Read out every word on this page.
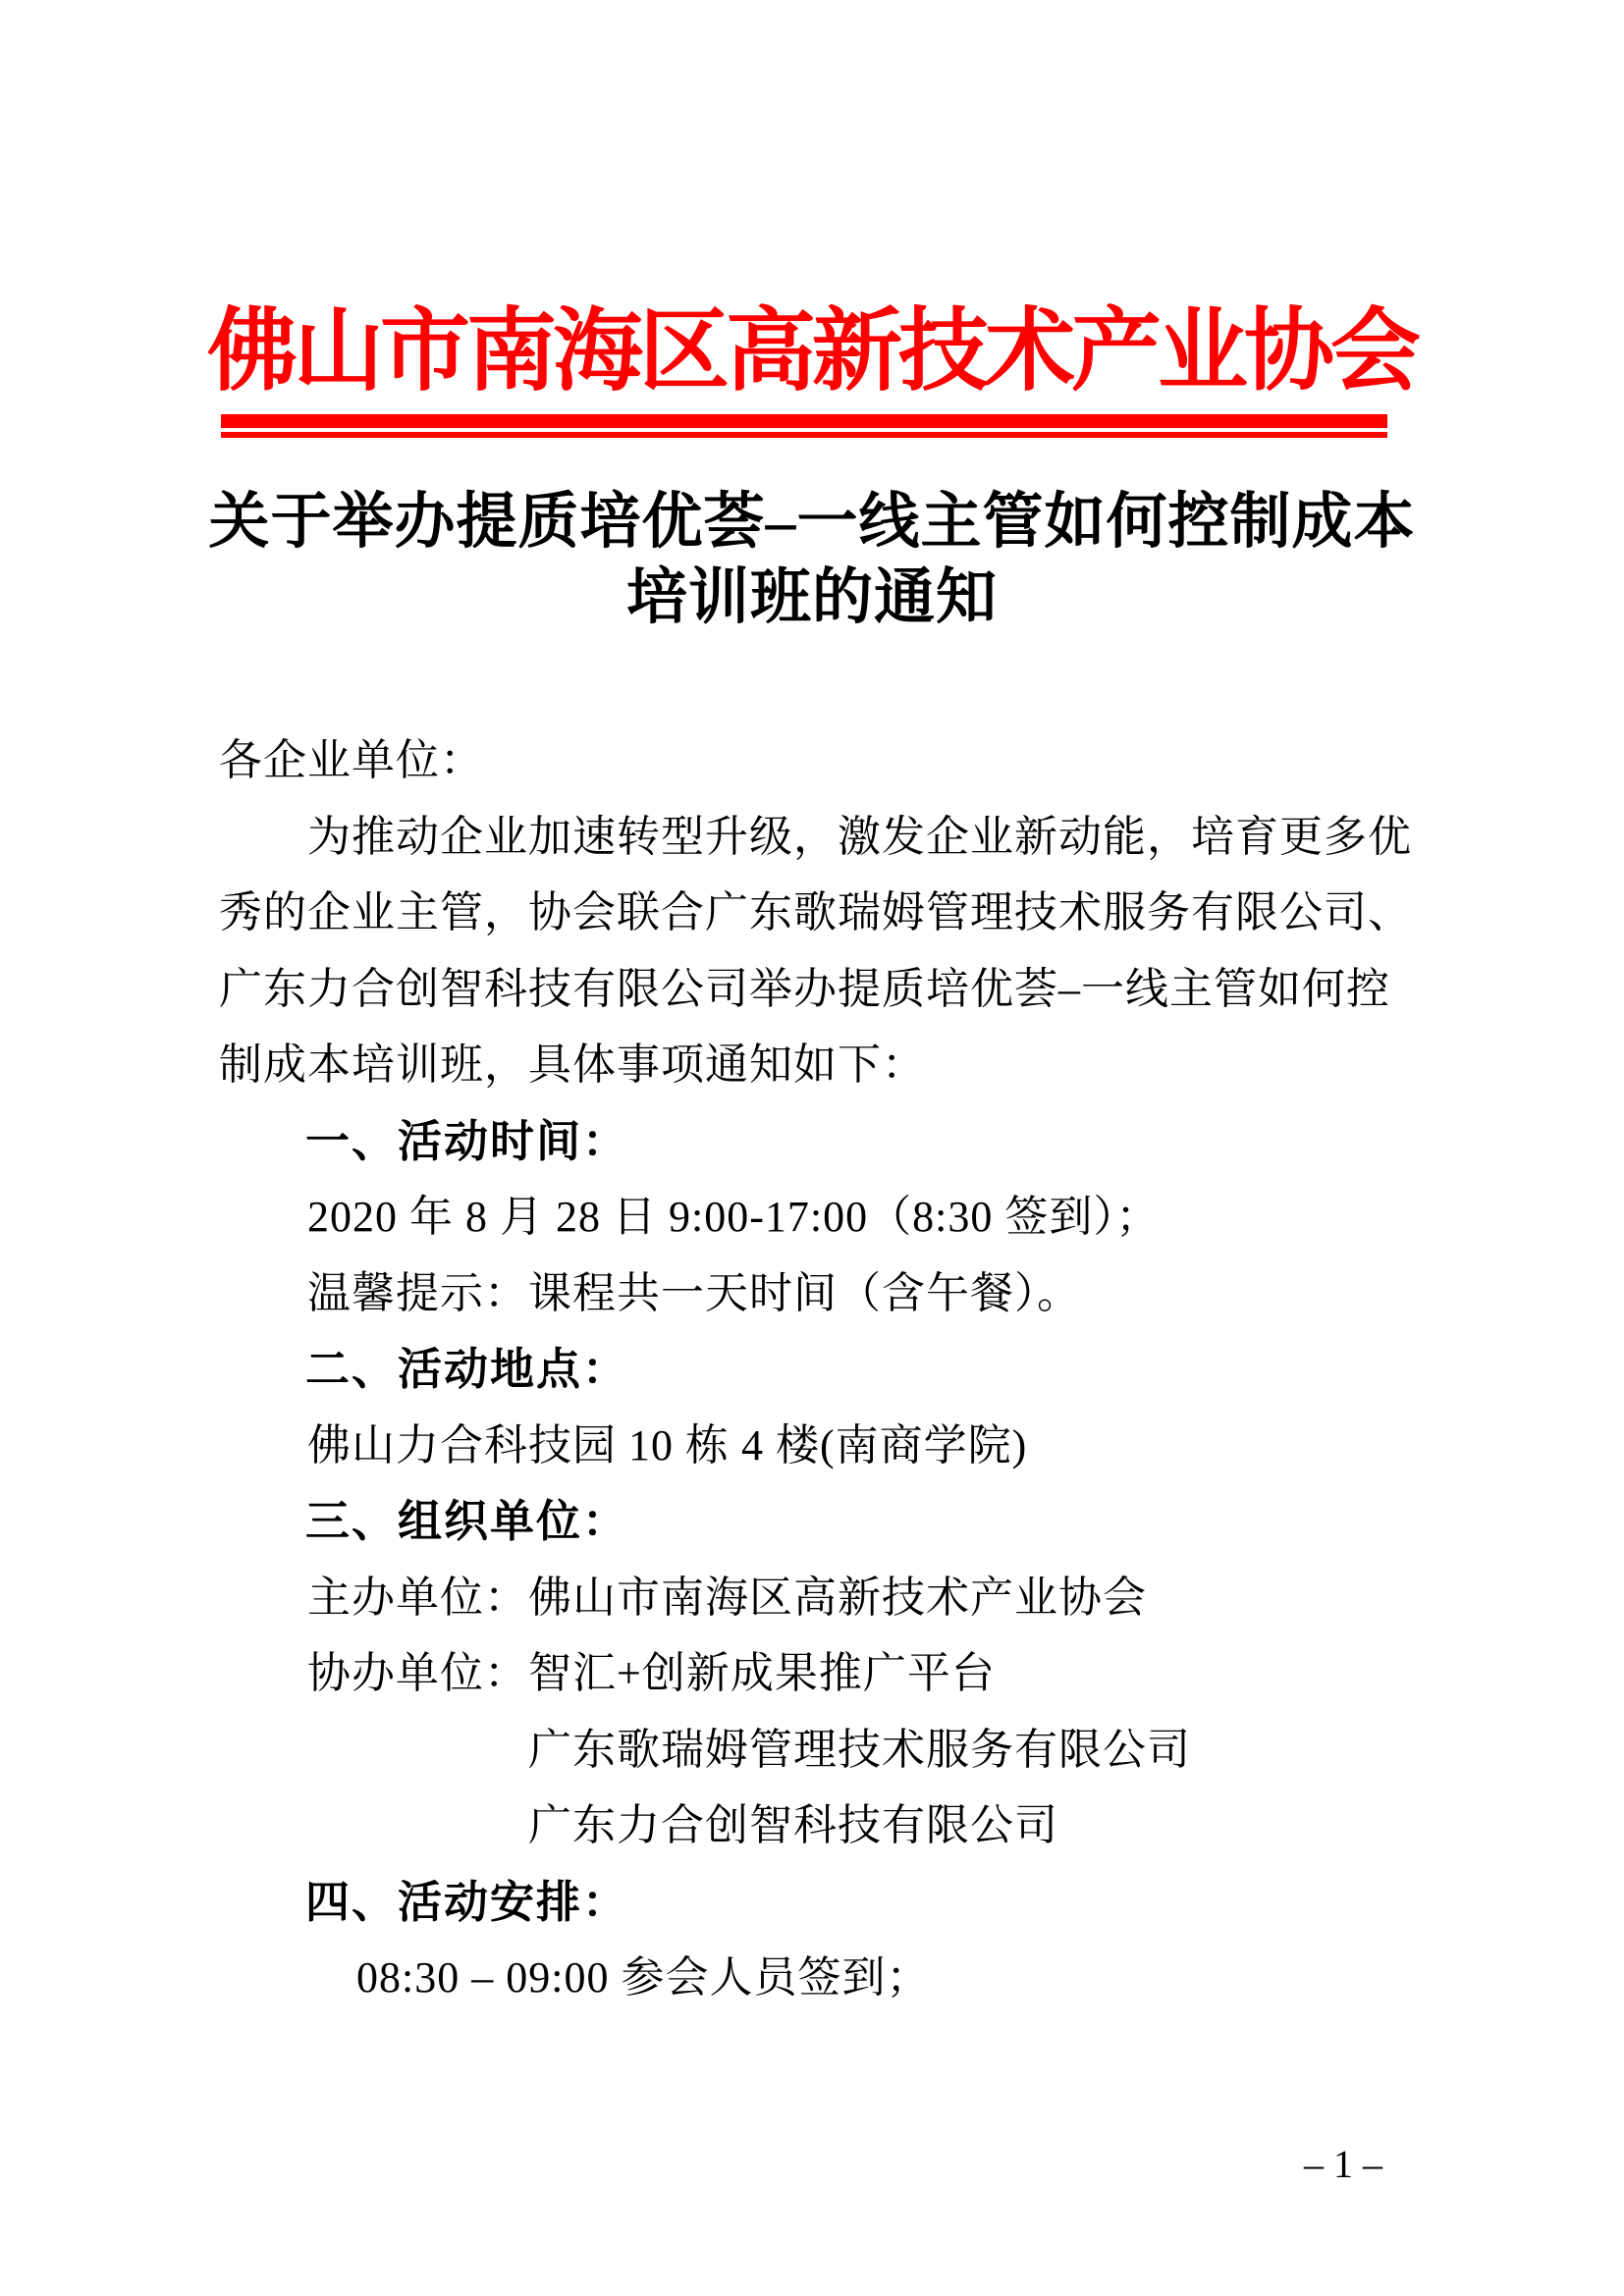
佛山市南海区高新技术产业协会
关于举办提质培优荟–一线主管如何控制成本
培训班的通知
各企业单位：
为推动企业加速转型升级，激发企业新动能，培育更多优
秀的企业主管，协会联合广东歌瑞姆管理技术服务有限公司、
广东力合创智科技有限公司举办提质培优荟–一线主管如何控
制成本培训班，具体事项通知如下：
一、活动时间：
2020 年 8 月 28 日 9:00-17:00（8:30 签到）；
温馨提示：课程共一天时间（含午餐）。
二、活动地点：
佛山力合科技园 10 栋 4 楼(南商学院)
三、组织单位：
主办单位：佛山市南海区高新技术产业协会
协办单位：智汇+创新成果推广平台
广东歌瑞姆管理技术服务有限公司
广东力合创智科技有限公司
四、活动安排：
08:30 – 09:00 参会人员签到；
– 1 –
